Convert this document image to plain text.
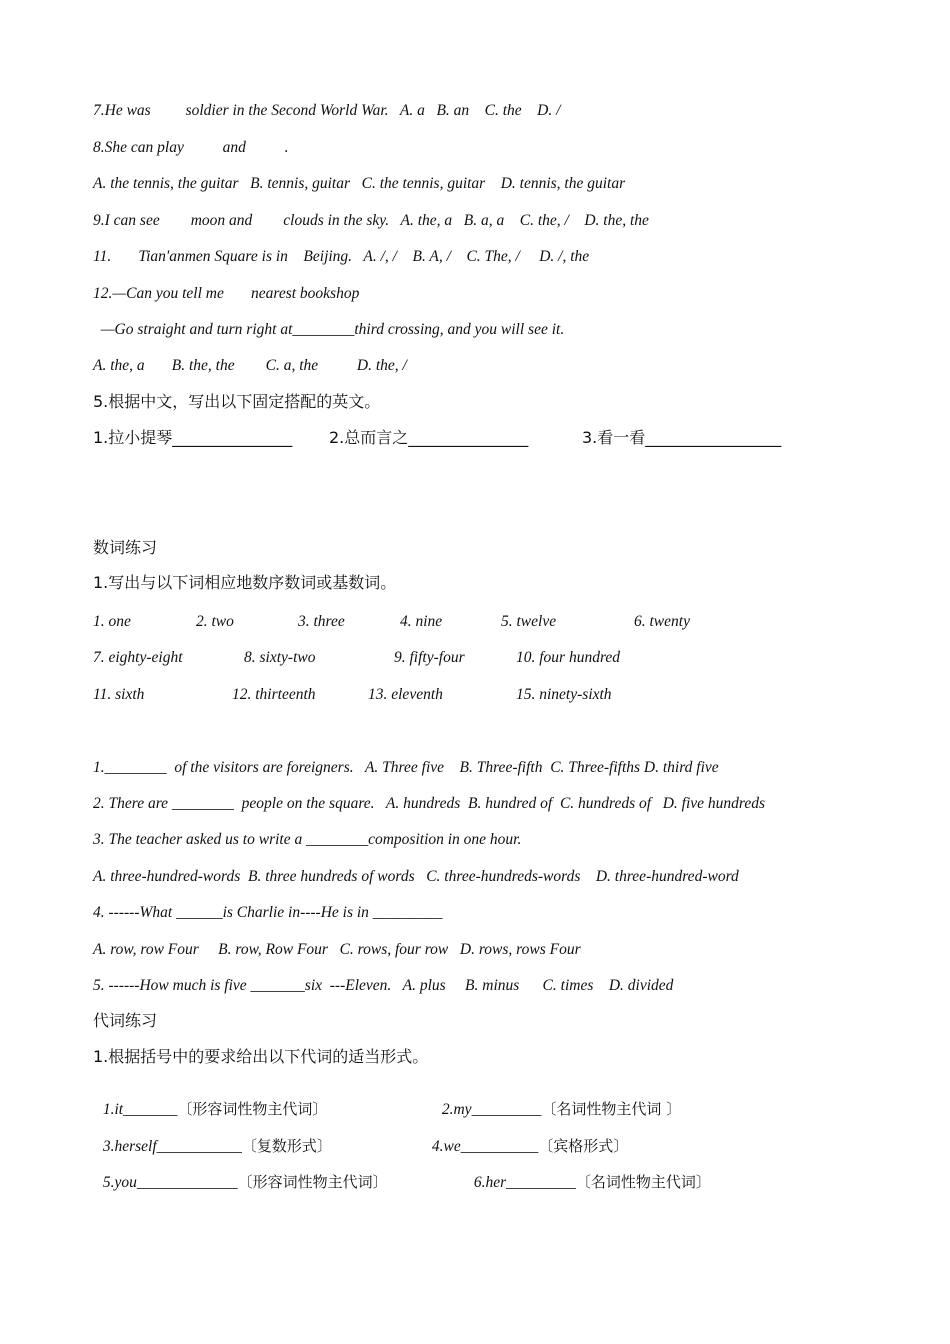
7.He was         soldier in the Second World War.   A. a   B. an    C. the    D. /
8.She can play          and          .
A. the tennis, the guitar   B. tennis, guitar   C. the tennis, guitar    D. tennis, the guitar
9.I can see        moon and        clouds in the sky.   A. the, a   B. a, a    C. the, /    D. the, the
11.       Tian'anmen Square is in    Beijing.   A. /, /    B. A, /    C. The, /     D. /, the
12.—Can you tell me       nearest bookshop
—Go straight and turn right at________third crossing, and you will see it.
A. the, a       B. the, the        C. a, the          D. the, /
5.根据中文，写出以下固定搭配的英文。
1.拉小提琴_______________ 2.总而言之_______________	3.看一看_________________
数词练习
1.写出与以下词相应地数序数词或基数词。
1. one	2. two	3. three	4. nine	5. twelve	6. twenty
7. eighty-eight	8. sixty-two	9. fifty-four	10. four hundred
11. sixth	12. thirteenth	13. eleventh	15. ninety-sixth
1.________  of the visitors are foreigners.   A. Three five    B. Three-fifth  C. Three-fifths D. third five
2. There are ________  people on the square.   A. hundreds  B. hundred of  C. hundreds of   D. five hundreds
3. The teacher asked us to write a ________composition in one hour.
A. three-hundred-words  B. three hundreds of words   C. three-hundreds-words    D. three-hundred-word
4. ------What ______is Charlie in----He is in _________
A. row, row Four     B. row, Row Four   C. rows, four row   D. rows, rows Four
5. ------How much is five _______six  ---Eleven.   A. plus     B. minus      C. times    D. divided
代词练习
1.根据括号中的要求给出以下代词的适当形式。

1.it_______〔形容词性物主代词〕	2.my_________〔名词性物主代词 〕

3.herself___________〔复数形式〕	4.we__________〔宾格形式〕

5.you_____________〔形容词性物主代词〕	6.her_________〔名词性物主代词〕
